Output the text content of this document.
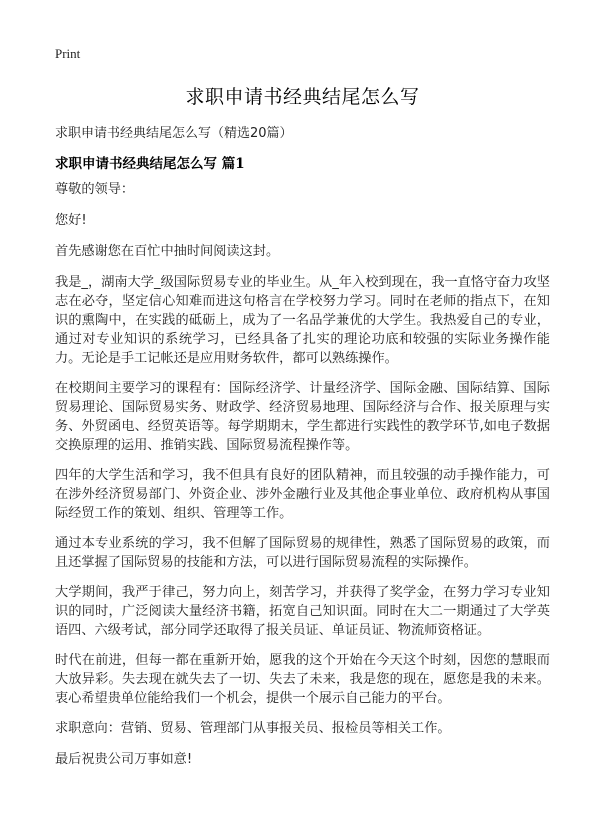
Print
求职申请书经典结尾怎么写
求职申请书经典结尾怎么写（精选20篇）
求职申请书经典结尾怎么写 篇1

尊敬的领导：

您好!

首先感谢您在百忙中抽时间阅读这封。

我是_，湖南大学_级国际贸易专业的毕业生。从_年入校到现在，我一直恪守奋力攻坚志在必夺，坚定信心知难而进这句格言在学校努力学习。同时在老师的指点下，在知识的熏陶中，在实践的砥砺上，成为了一名品学兼优的大学生。我热爱自己的专业，通过对专业知识的系统学习，已经具备了扎实的理论功底和较强的实际业务操作能力。无论是手工记帐还是应用财务软件，都可以熟练操作。

在校期间主要学习的课程有：国际经济学、计量经济学、国际金融、国际结算、国际贸易理论、国际贸易实务、财政学、经济贸易地理、国际经济与合作、报关原理与实务、外贸函电、经贸英语等。每学期期末，学生都进行实践性的教学环节,如电子数据交换原理的运用、推销实践、国际贸易流程操作等。

四年的大学生活和学习，我不但具有良好的团队精神，而且较强的动手操作能力，可在涉外经济贸易部门、外资企业、涉外金融行业及其他企事业单位、政府机构从事国际经贸工作的策划、组织、管理等工作。

通过本专业系统的学习，我不但解了国际贸易的规律性，熟悉了国际贸易的政策，而且还掌握了国际贸易的技能和方法，可以进行国际贸易流程的实际操作。

大学期间，我严于律己，努力向上，刻苦学习，并获得了奖学金，在努力学习专业知识的同时，广泛阅读大量经济书籍，拓宽自己知识面。同时在大二一期通过了大学英语四、六级考试，部分同学还取得了报关员证、单证员证、物流师资格证。

时代在前进，但每一都在重新开始，愿我的这个开始在今天这个时刻，因您的慧眼而大放异彩。失去现在就失去了一切、失去了未来，我是您的现在，愿您是我的未来。衷心希望贵单位能给我们一个机会，提供一个展示自己能力的平台。

求职意向：营销、贸易、管理部门从事报关员、报检员等相关工作。

最后祝贵公司万事如意!
